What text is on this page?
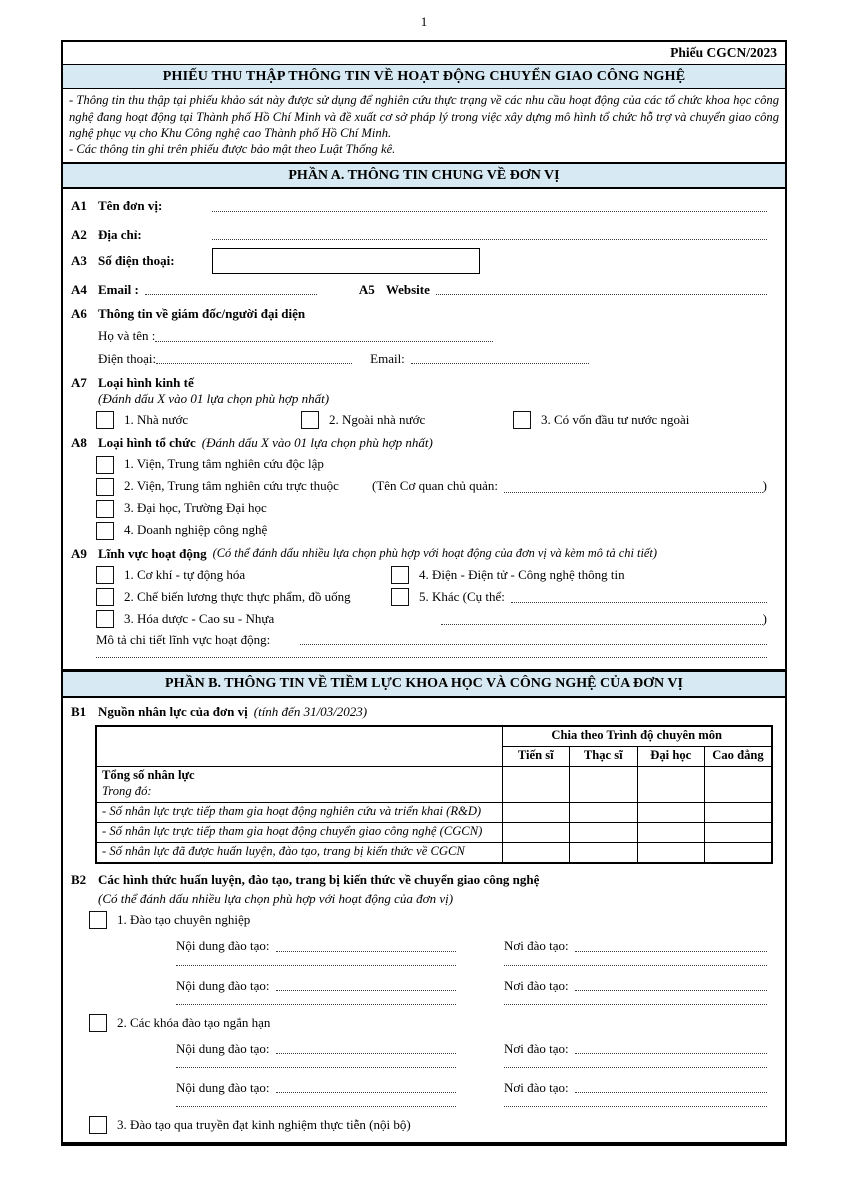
1
Phiếu CGCN/2023
PHIẾU THU THẬP THÔNG TIN VỀ HOẠT ĐỘNG CHUYỂN GIAO CÔNG NGHỆ

- Thông tin thu thập tại phiếu khảo sát này được sử dụng để nghiên cứu thực trạng về các nhu cầu hoạt động của các tổ chức khoa học công nghệ đang hoạt động tại Thành phố Hồ Chí Minh và đề xuất cơ sở pháp lý trong việc xây dựng mô hình tổ chức hỗ trợ và chuyển giao công nghệ phục vụ cho Khu Công nghệ cao Thành phố Hồ Chí Minh.

- Các thông tin ghi trên phiếu được bảo mật theo Luật Thống kê.

PHẦN A. THÔNG TIN CHUNG VỀ ĐƠN VỊ
A1 Tên đơn vị:
A2 Địa chỉ:
A3 Số điện thoại:
A4 Email :	A5 Website
A6 Thông tin về giám đốc/người đại diện
Họ và tên :
Điện thoại:	Email:
A7 Loại hình kinh tế
(Đánh dấu X vào 01 lựa chọn phù hợp nhất)
1. Nhà nước	2. Ngoài nhà nước	3. Có vốn đầu tư nước ngoài
A8 Loại hình tổ chức (Đánh dấu X vào 01 lựa chọn phù hợp nhất)
1. Viện, Trung tâm nghiên cứu độc lập
2. Viện, Trung tâm nghiên cứu trực thuộc	(Tên Cơ quan chủ quản:	)
3. Đại học, Trường Đại học
4. Doanh nghiệp công nghệ
A9 Lĩnh vực hoạt động (Có thể đánh dấu nhiều lựa chọn phù hợp với hoạt động của đơn vị và kèm mô tả chi tiết)
1. Cơ khí - tự động hóa	4. Điện - Điện tử - Công nghệ thông tin
2. Chế biến lương thực thực phẩm, đồ uống	5. Khác (Cụ thể:
3. Hóa dược - Cao su - Nhựa	)
Mô tả chi tiết lĩnh vực hoạt động:
PHẦN B. THÔNG TIN VỀ TIỀM LỰC KHOA HỌC VÀ CÔNG NGHỆ CỦA ĐƠN VỊ
B1 Nguồn nhân lực của đơn vị (tính đến 31/03/2023)
	Chia theo Trình độ chuyên môn			
	Tiến sĩ	Thạc sĩ	Đại học	Cao đẳng

Tổng số nhân lực
Trong đó:				

- Số nhân lực trực tiếp tham gia hoạt động nghiên cứu và triển khai (R&D)				
- Số nhân lực trực tiếp tham gia hoạt động chuyển giao công nghệ (CGCN)				
- Số nhân lực đã được huấn luyện, đào tạo, trang bị kiến thức về CGCN				
B2 Các hình thức huấn luyện, đào tạo, trang bị kiến thức về chuyển giao công nghệ
(Có thể đánh dấu nhiều lựa chọn phù hợp với hoạt động của đơn vị)
1. Đào tạo chuyên nghiệp
Nội dung đào tạo:	Nơi đào tạo:
Nội dung đào tạo:	Nơi đào tạo:
2. Các khóa đào tạo ngắn hạn
Nội dung đào tạo:	Nơi đào tạo:
Nội dung đào tạo:	Nơi đào tạo:
3. Đào tạo qua truyền đạt kinh nghiệm thực tiễn (nội bộ)
